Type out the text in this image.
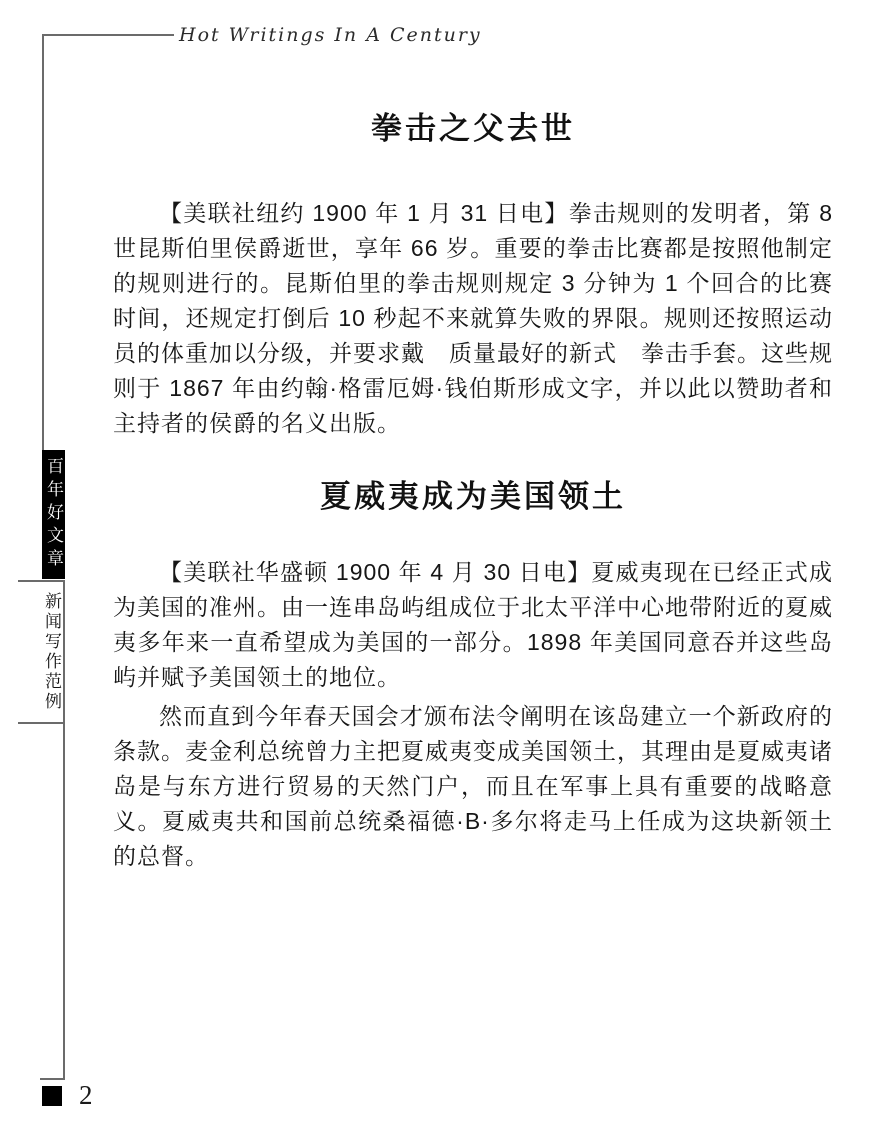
Hot Writings In A Century
百年好文章
新闻写作范例
2
拳击之父去世

【美联社纽约 1900 年 1 月 31 日电】拳击规则的发明者，第 8 世昆斯伯里侯爵逝世，享年 66 岁。重要的拳击比赛都是按照他制定的规则进行的。昆斯伯里的拳击规则规定 3 分钟为 1 个回合的比赛时间，还规定打倒后 10 秒起不来就算失败的界限。规则还按照运动员的体重加以分级，并要求戴　质量最好的新式　拳击手套。这些规则于 1867 年由约翰·格雷厄姆·钱伯斯形成文字，并以此以赞助者和主持者的侯爵的名义出版。

夏威夷成为美国领土

【美联社华盛顿 1900 年 4 月 30 日电】夏威夷现在已经正式成为美国的准州。由一连串岛屿组成位于北太平洋中心地带附近的夏威夷多年来一直希望成为美国的一部分。1898 年美国同意吞并这些岛屿并赋予美国领土的地位。

然而直到今年春天国会才颁布法令阐明在该岛建立一个新政府的条款。麦金利总统曾力主把夏威夷变成美国领土，其理由是夏威夷诸岛是与东方进行贸易的天然门户，而且在军事上具有重要的战略意义。夏威夷共和国前总统桑福德·B·多尔将走马上任成为这块新领土的总督。
